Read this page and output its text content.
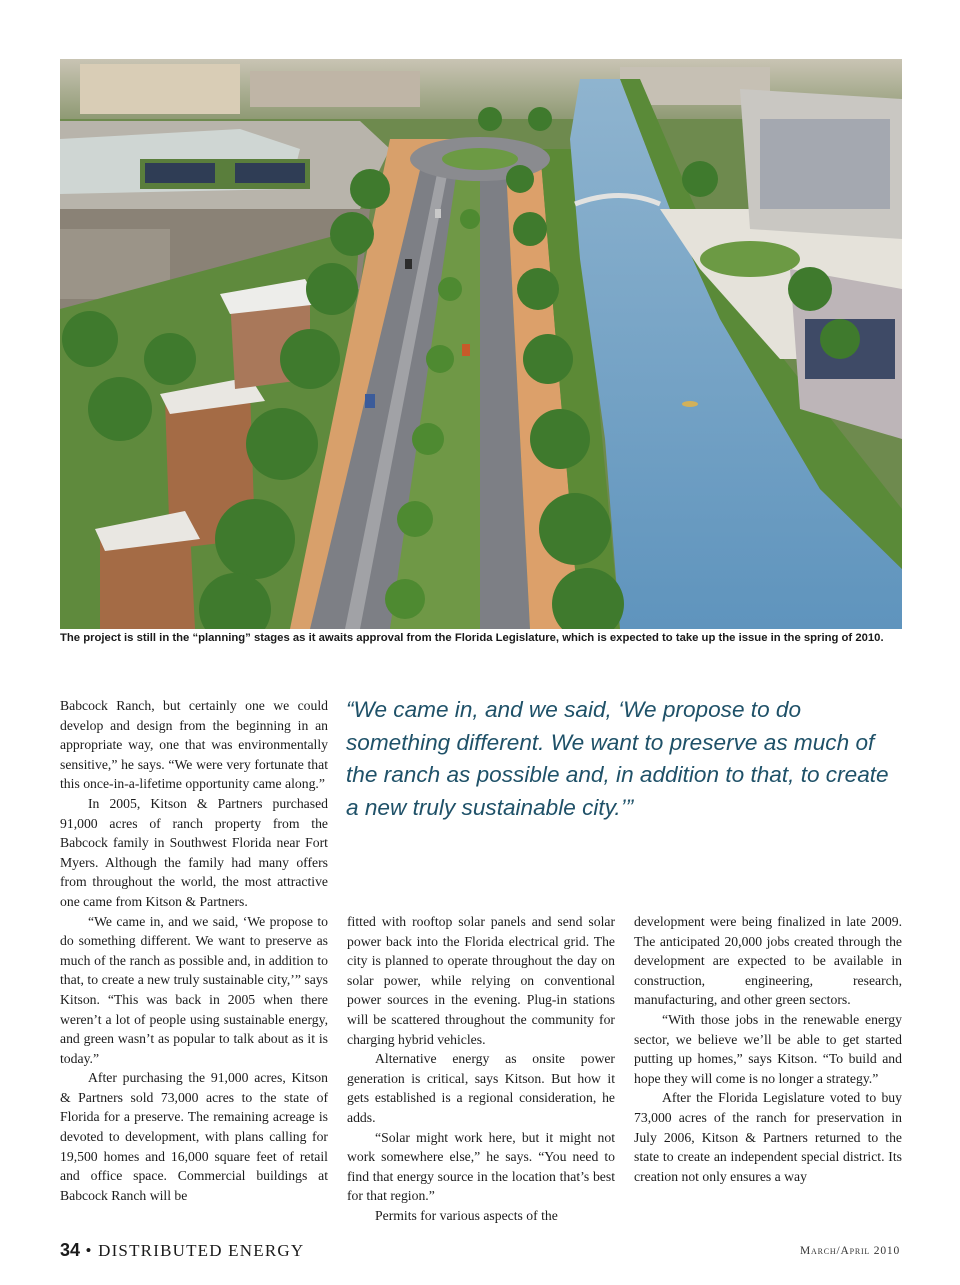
The project is still in the “planning” stages as it awaits approval from the Florida Legislature, which is expected to take up the issue in the spring of 2010.

Babcock Ranch, but certainly one we could develop and design from the beginning in an appropriate way, one that was environmentally sensitive,” he says. “We were very fortunate that this once-in-a-lifetime opportunity came along.”

In 2005, Kitson & Partners purchased 91,000 acres of ranch property from the Babcock family in Southwest Florida near Fort Myers. Although the family had many offers from throughout the world, the most attractive one came from Kitson & Partners.

“We came in, and we said, ‘We propose to do something different. We want to preserve as much of the ranch as possible and, in addition to that, to create a new truly sustainable city,’” says Kitson. “This was back in 2005 when there weren’t a lot of people using sustainable energy, and green wasn’t as popular to talk about as it is today.”

After purchasing the 91,000 acres, Kitson & Partners sold 73,000 acres to the state of Florida for a preserve. The remaining acreage is devoted to development, with plans calling for 19,500 homes and 16,000 square feet of retail and office space. Commercial buildings at Babcock Ranch will be

“We came in, and we said, ‘We propose to do something different. We want to preserve as much of the ranch as possible and, in addition to that, to create a new truly sustainable city.’”

fitted with rooftop solar panels and send solar power back into the Florida electrical grid. The city is planned to operate throughout the day on solar power, while relying on conventional power sources in the evening. Plug-in stations will be scattered throughout the community for charging hybrid vehicles.

Alternative energy as onsite power generation is critical, says Kitson. But how it gets established is a regional consideration, he adds.

“Solar might work here, but it might not work somewhere else,” he says. “You need to find that energy source in the location that’s best for that region.”

Permits for various aspects of the

development were being finalized in late 2009. The anticipated 20,000 jobs created through the development are expected to be available in construction, engineering, research, manufacturing, and other green sectors.

“With those jobs in the renewable energy sector, we believe we’ll be able to get started putting up homes,” says Kitson. “To build and hope they will come is no longer a strategy.”

After the Florida Legislature voted to buy 73,000 acres of the ranch for preservation in July 2006, Kitson & Partners returned to the state to create an independent special district. Its creation not only ensures a way

34 • DISTRIBUTED ENERGY	March/April 2010
